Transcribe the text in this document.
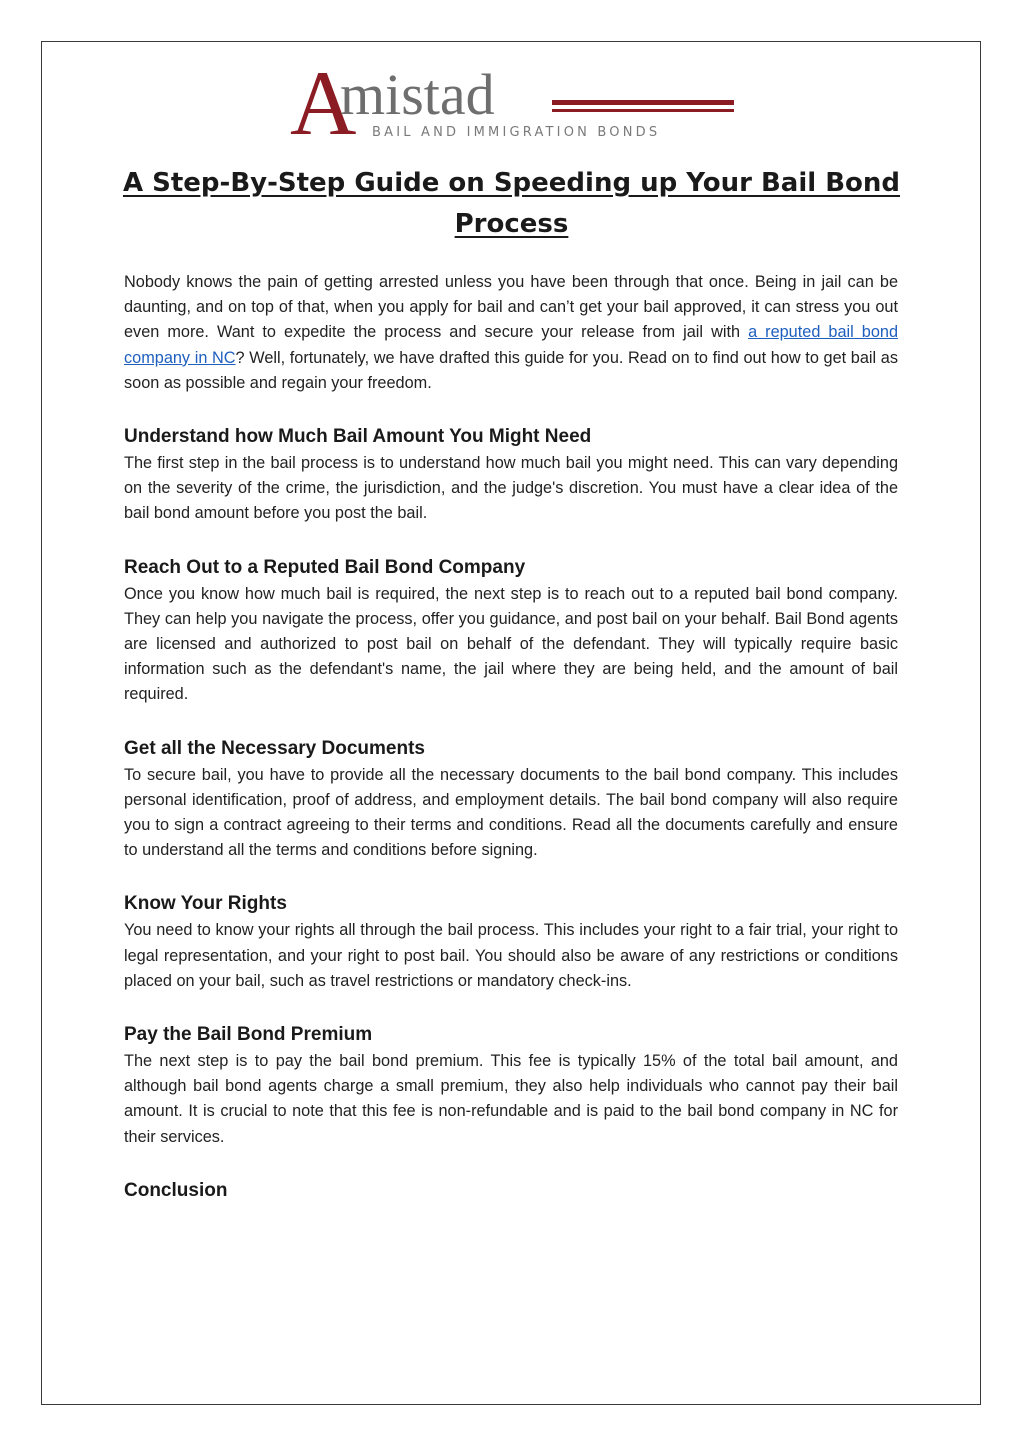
A
mistad
BAIL AND IMMIGRATION BONDS
A Step-By-Step Guide on Speeding up Your Bail Bond Process

Nobody knows the pain of getting arrested unless you have been through that once. Being in jail can be daunting, and on top of that, when you apply for bail and can’t get your bail approved, it can stress you out even more. Want to expedite the process and secure your release from jail with a reputed bail bond company in NC? Well, fortunately, we have drafted this guide for you. Read on to find out how to get bail as soon as possible and regain your freedom.

Understand how Much Bail Amount You Might Need

The first step in the bail process is to understand how much bail you might need. This can vary depending on the severity of the crime, the jurisdiction, and the judge's discretion. You must have a clear idea of the bail bond amount before you post the bail.

Reach Out to a Reputed Bail Bond Company

Once you know how much bail is required, the next step is to reach out to a reputed bail bond company. They can help you navigate the process, offer you guidance, and post bail on your behalf. Bail Bond agents are licensed and authorized to post bail on behalf of the defendant. They will typically require basic information such as the defendant's name, the jail where they are being held, and the amount of bail required.

Get all the Necessary Documents

To secure bail, you have to provide all the necessary documents to the bail bond company. This includes personal identification, proof of address, and employment details. The bail bond company will also require you to sign a contract agreeing to their terms and conditions. Read all the documents carefully and ensure to understand all the terms and conditions before signing.

Know Your Rights

You need to know your rights all through the bail process. This includes your right to a fair trial, your right to legal representation, and your right to post bail. You should also be aware of any restrictions or conditions placed on your bail, such as travel restrictions or mandatory check-ins.

Pay the Bail Bond Premium

The next step is to pay the bail bond premium. This fee is typically 15% of the total bail amount, and although bail bond agents charge a small premium, they also help individuals who cannot pay their bail amount. It is crucial to note that this fee is non-refundable and is paid to the bail bond company in NC for their services.

Conclusion
